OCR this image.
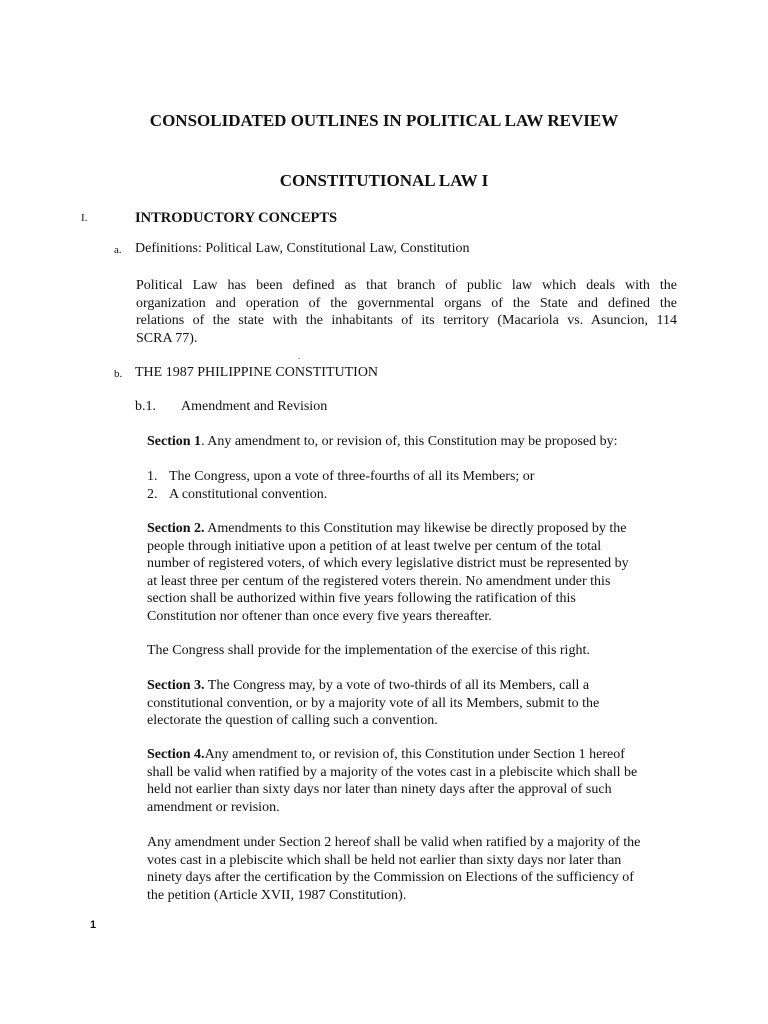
CONSOLIDATED OUTLINES IN POLITICAL LAW REVIEW
CONSTITUTIONAL LAW I
I.	INTRODUCTORY CONCEPTS
a. Definitions: Political Law, Constitutional Law, Constitution
Political Law has been defined as that branch of public law which deals with the
organization and operation of the governmental organs of the State and defined the
relations of the state with the inhabitants of its territory (Macariola vs. Asuncion, 114
SCRA 77).
.
b. THE 1987 PHILIPPINE CONSTITUTION
b.1. Amendment and Revision

Section 1. Any amendment to, or revision of, this Constitution may be proposed by:

1. The Congress, upon a vote of three-fourths of all its Members; or
2. A constitutional convention.
Section 2. Amendments to this Constitution may likewise be directly proposed by the
people through initiative upon a petition of at least twelve per centum of the total
number of registered voters, of which every legislative district must be represented by
at least three per centum of the registered voters therein. No amendment under this
section shall be authorized within five years following the ratification of this
Constitution nor oftener than once every five years thereafter.

The Congress shall provide for the implementation of the exercise of this right.

Section 3. The Congress may, by a vote of two-thirds of all its Members, call a
constitutional convention, or by a majority vote of all its Members, submit to the
electorate the question of calling such a convention.
Section 4.Any amendment to, or revision of, this Constitution under Section 1 hereof
shall be valid when ratified by a majority of the votes cast in a plebiscite which shall be
held not earlier than sixty days nor later than ninety days after the approval of such
amendment or revision.
Any amendment under Section 2 hereof shall be valid when ratified by a majority of the
votes cast in a plebiscite which shall be held not earlier than sixty days nor later than
ninety days after the certification by the Commission on Elections of the sufficiency of
the petition (Article XVII, 1987 Constitution).
1
